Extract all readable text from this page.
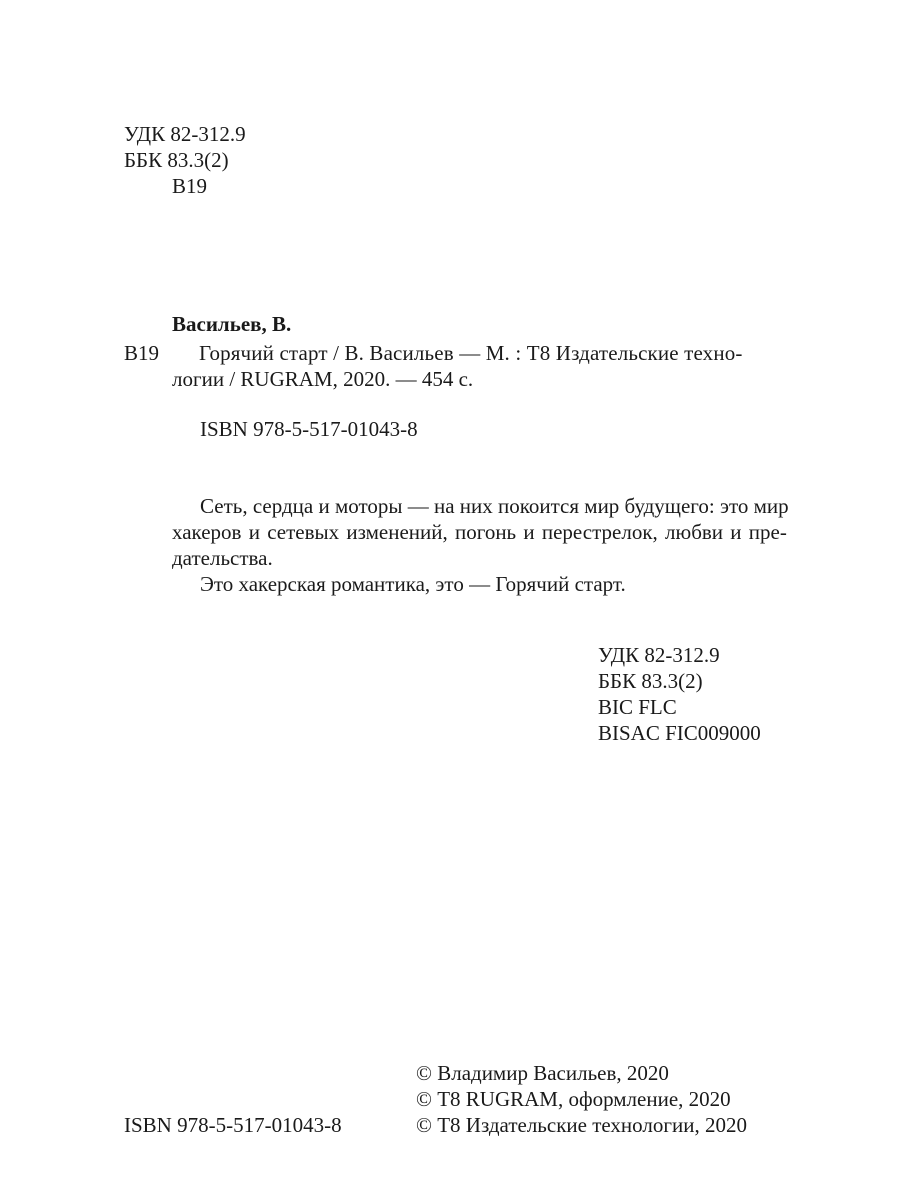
УДК 82-312.9
ББК 83.3(2)
В19
Васильев, В.
В19 Горячий старт / В. Васильев — М. : Т8 Издательские техно-
логии / RUGRAM, 2020. — 454 с.
ISBN 978-5-517-01043-8
Сеть, сердца и моторы — на них покоится мир будущего: это мир
хакеров и сетевых изменений, погонь и перестрелок, любви и пре-
дательства.
Это хакерская романтика, это — Горячий старт.
УДК 82-312.9
ББК 83.3(2)
BIC FLC
BISAC FIC009000
ISBN 978-5-517-01043-8
© Владимир Васильев, 2020
© Т8 RUGRAM, оформление, 2020
© Т8 Издательские технологии, 2020
